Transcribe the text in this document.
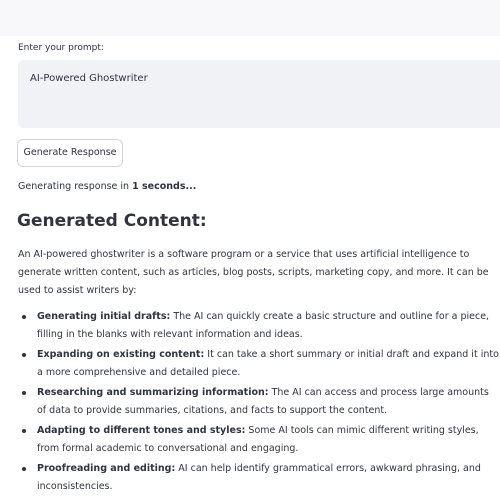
Enter your prompt:
AI-Powered Ghostwriter
Generate Response
Generating response in 1 seconds...
Generated Content:

An AI-powered ghostwriter is a software program or a service that uses artificial intelligence to generate written content, such as articles, blog posts, scripts, marketing copy, and more. It can be used to assist writers by:

Generating initial drafts: The AI can quickly create a basic structure and outline for a piece, filling in the blanks with relevant information and ideas.
Expanding on existing content: It can take a short summary or initial draft and expand it into a more comprehensive and detailed piece.
Researching and summarizing information: The AI can access and process large amounts of data to provide summaries, citations, and facts to support the content.
Adapting to different tones and styles: Some AI tools can mimic different writing styles, from formal academic to conversational and engaging.
Proofreading and editing: AI can help identify grammatical errors, awkward phrasing, and inconsistencies.
